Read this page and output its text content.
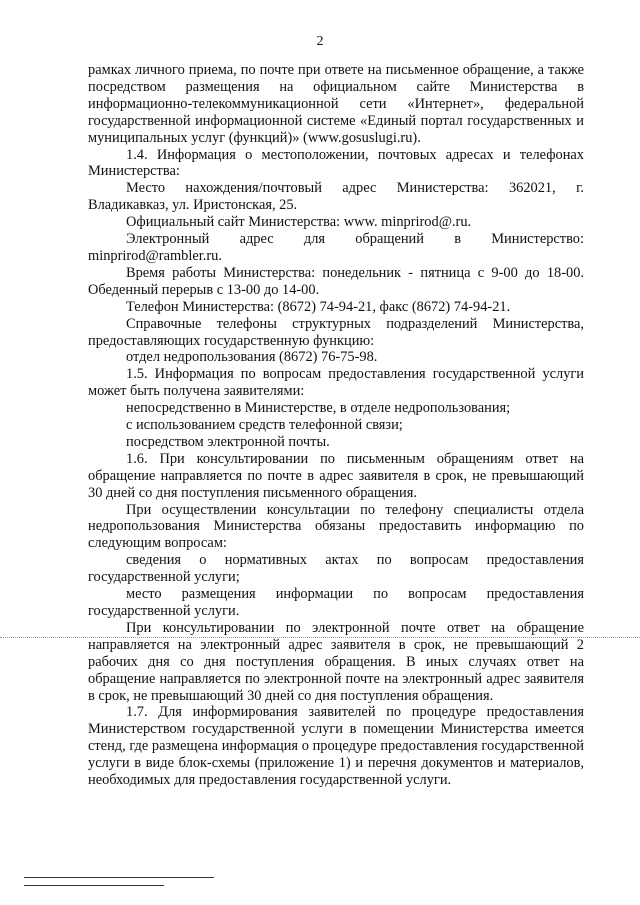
2

рамках личного приема, по почте при ответе на письменное обращение, а также посредством размещения на официальном сайте Министерства в информационно-телекоммуникационной сети «Интернет», федеральной государственной информационной системе «Единый портал государственных и муниципальных услуг (функций)» (www.gosuslugi.ru).

1.4. Информация о местоположении, почтовых адресах и телефонах Министерства:

Место нахождения/почтовый адрес Министерства: 362021, г. Владикавказ, ул. Иристонская, 25.

Официальный сайт Министерства: www. minprirod@.ru.

Электронный адрес для обращений в Министерство: minprirod@rambler.ru.

Время работы Министерства: понедельник - пятница с 9-00 до 18-00. Обеденный перерыв с 13-00 до 14-00.

Телефон Министерства: (8672) 74-94-21, факс (8672) 74-94-21.

Справочные телефоны структурных подразделений Министерства, предоставляющих государственную функцию:

отдел недропользования (8672) 76-75-98.

1.5. Информация по вопросам предоставления государственной услуги может быть получена заявителями:

непосредственно в Министерстве, в отделе недропользования;

с использованием средств телефонной связи;

посредством электронной почты.

1.6. При консультировании по письменным обращениям ответ на обращение направляется по почте в адрес заявителя в срок, не превышающий 30 дней со дня поступления письменного обращения.

При осуществлении консультации по телефону специалисты отдела недропользования Министерства обязаны предоставить информацию по следующим вопросам:

сведения о нормативных актах по вопросам предоставления государственной услуги;

место размещения информации по вопросам предоставления государственной услуги.

При консультировании по электронной почте ответ на обращение направляется на электронный адрес заявителя в срок, не превышающий 2 рабочих дня со дня поступления обращения. В иных случаях ответ на обращение направляется по электронной почте на электронный адрес заявителя в срок, не превышающий 30 дней со дня поступления обращения.

1.7. Для информирования заявителей по процедуре предоставления Министерством государственной услуги в помещении Министерства имеется стенд, где размещена информация о процедуре предоставления государственной услуги в виде блок-схемы (приложение 1) и перечня документов и материалов, необходимых для предоставления государственной услуги.
